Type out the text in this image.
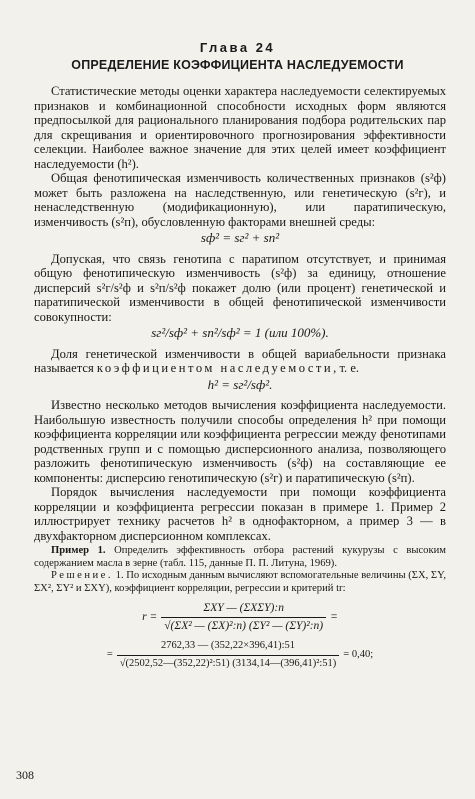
Глава 24
ОПРЕДЕЛЕНИЕ КОЭФФИЦИЕНТА НАСЛЕДУЕМОСТИ

Статистические методы оценки характера наследуемости селектируемых признаков и комбинационной способности исходных форм являются предпосылкой для рационального планирования подбора родительских пар для скрещивания и ориентировочного прогнозирования эффективности селекции. Наиболее важное значение для этих целей имеет коэффициент наследуемости (h²).

Общая фенотипическая изменчивость количественных признаков (s²ф) может быть разложена на наследственную, или генетическую (s²г), и ненаследственную (модификационную), или паратипическую, изменчивость (s²п), обусловленную факторами внешней среды:

sф² = sг² + sп²

Допуская, что связь генотипа с паратипом отсутствует, и принимая общую фенотипическую изменчивость (s²ф) за единицу, отношение дисперсий s²г/s²ф и s²п/s²ф покажет долю (или процент) генетической и паратипической изменчивости в общей фенотипической изменчивости совокупности:

sг²/sф² + sп²/sф² = 1 (или 100%).

Доля генетической изменчивости в общей вариабельности признака называется коэффициентом наследуемости, т. е.

h² = sг²/sф².

Известно несколько методов вычисления коэффициента наследуемости. Наибольшую известность получили способы определения h² при помощи коэффициента корреляции или коэффициента регрессии между фенотипами родственных групп и с помощью дисперсионного анализа, позволяющего разложить фенотипическую изменчивость (s²ф) на составляющие ее компоненты: дисперсию генотипическую (s²г) и паратипическую (s²п).

Порядок вычисления наследуемости при помощи коэффициента корреляции и коэффициента регрессии показан в примере 1. Пример 2 иллюстрирует технику расчетов h² в однофакторном, а пример 3 — в двухфакторном дисперсионном комплексах.

Пример 1. Определить эффективность отбора растений кукурузы с высоким содержанием масла в зерне (табл. 115, данные П. П. Литуна, 1969).

Решение. 1. По исходным данным вычисляют вспомогательные величины (ΣX, ΣY, ΣX², ΣY² и ΣXY), коэффициент корреляции, регрессии и критерий tr:

$r = \frac{\text{ΣXY — (ΣXΣY):n}}{\text{√(ΣX² — (ΣX)²:n) (ΣY² — (ΣY)²:n)}}$ =
= $\frac{2762,33 — (352,22\times 396,41):51}{\text{√(2502,52—(352,22)²:51) (3134,14—(396,41)²:51)}} = 0,40$;
308
